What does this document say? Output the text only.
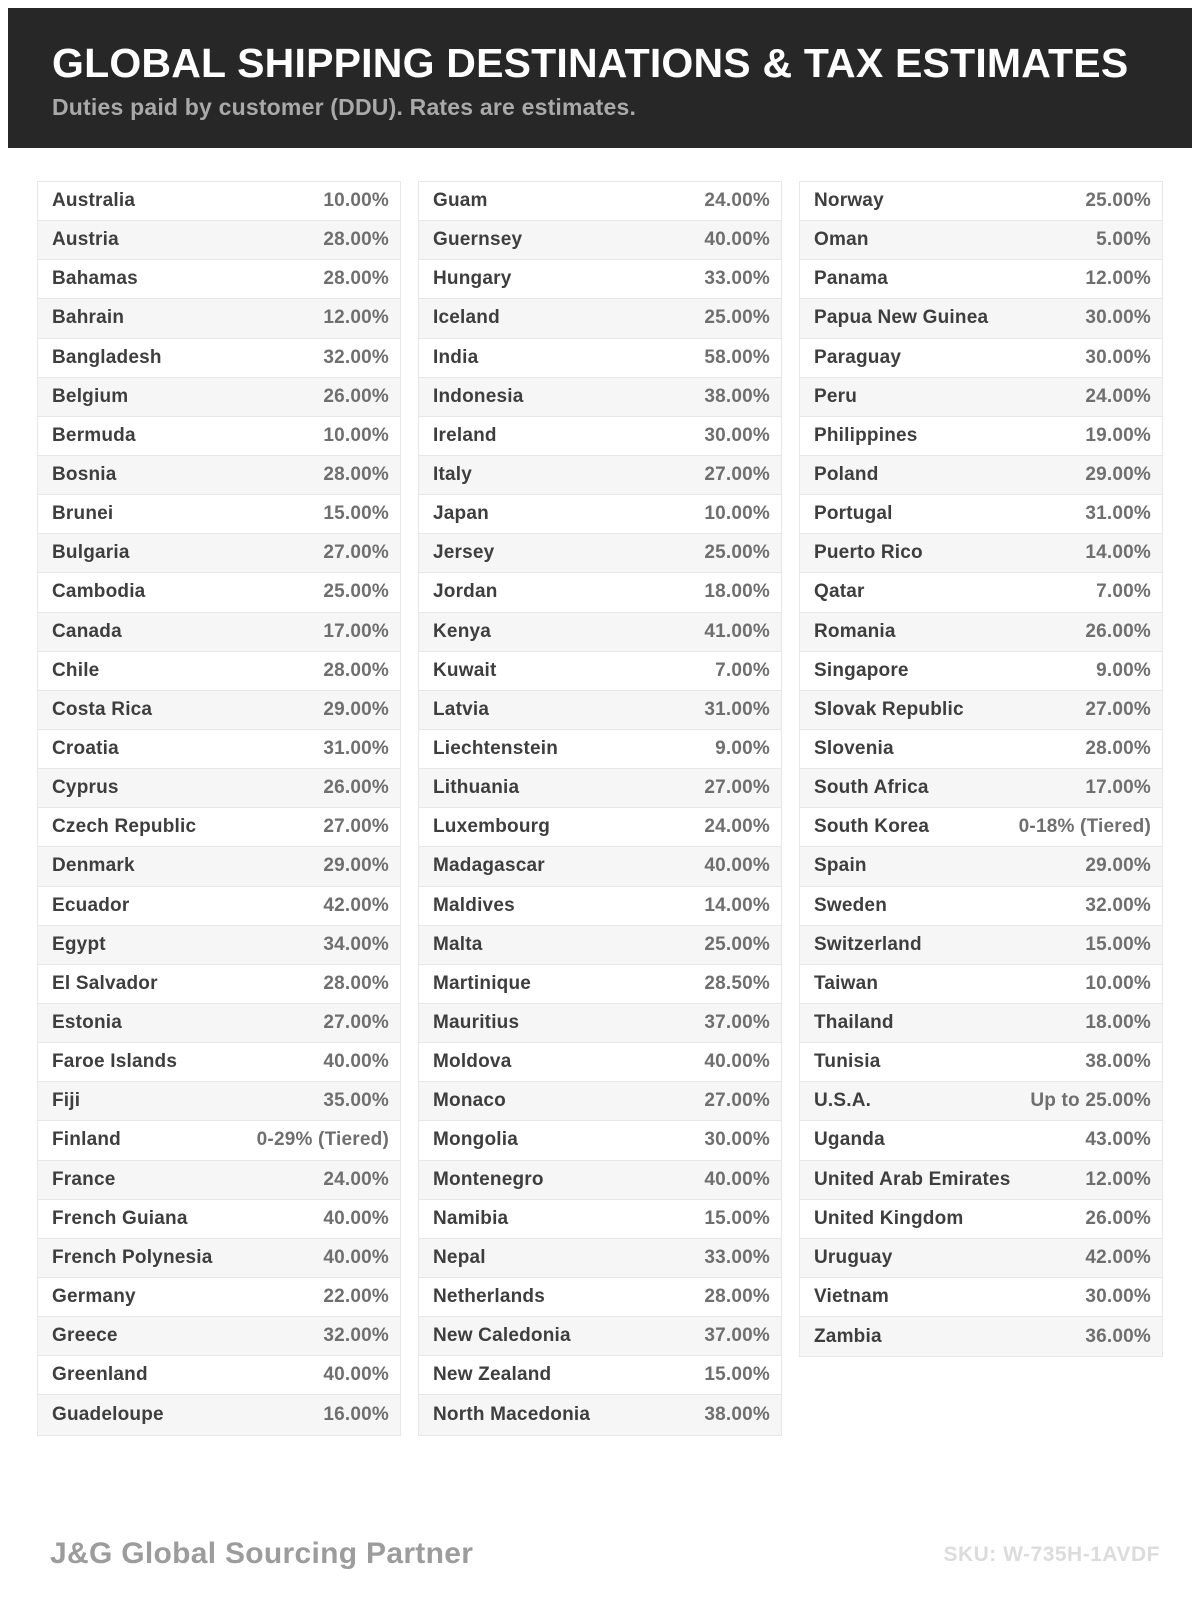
GLOBAL SHIPPING DESTINATIONS & TAX ESTIMATES
Duties paid by customer (DDU). Rates are estimates.
Australia	10.00%
Austria	28.00%
Bahamas	28.00%
Bahrain	12.00%
Bangladesh	32.00%
Belgium	26.00%
Bermuda	10.00%
Bosnia	28.00%
Brunei	15.00%
Bulgaria	27.00%
Cambodia	25.00%
Canada	17.00%
Chile	28.00%
Costa Rica	29.00%
Croatia	31.00%
Cyprus	26.00%
Czech Republic	27.00%
Denmark	29.00%
Ecuador	42.00%
Egypt	34.00%
El Salvador	28.00%
Estonia	27.00%
Faroe Islands	40.00%
Fiji	35.00%
Finland	0-29% (Tiered)
France	24.00%
French Guiana	40.00%
French Polynesia	40.00%
Germany	22.00%
Greece	32.00%
Greenland	40.00%
Guadeloupe	16.00%
Guam	24.00%
Guernsey	40.00%
Hungary	33.00%
Iceland	25.00%
India	58.00%
Indonesia	38.00%
Ireland	30.00%
Italy	27.00%
Japan	10.00%
Jersey	25.00%
Jordan	18.00%
Kenya	41.00%
Kuwait	7.00%
Latvia	31.00%
Liechtenstein	9.00%
Lithuania	27.00%
Luxembourg	24.00%
Madagascar	40.00%
Maldives	14.00%
Malta	25.00%
Martinique	28.50%
Mauritius	37.00%
Moldova	40.00%
Monaco	27.00%
Mongolia	30.00%
Montenegro	40.00%
Namibia	15.00%
Nepal	33.00%
Netherlands	28.00%
New Caledonia	37.00%
New Zealand	15.00%
North Macedonia	38.00%
Norway	25.00%
Oman	5.00%
Panama	12.00%
Papua New Guinea	30.00%
Paraguay	30.00%
Peru	24.00%
Philippines	19.00%
Poland	29.00%
Portugal	31.00%
Puerto Rico	14.00%
Qatar	7.00%
Romania	26.00%
Singapore	9.00%
Slovak Republic	27.00%
Slovenia	28.00%
South Africa	17.00%
South Korea	0-18% (Tiered)
Spain	29.00%
Sweden	32.00%
Switzerland	15.00%
Taiwan	10.00%
Thailand	18.00%
Tunisia	38.00%
U.S.A.	Up to 25.00%
Uganda	43.00%
United Arab Emirates	12.00%
United Kingdom	26.00%
Uruguay	42.00%
Vietnam	30.00%
Zambia	36.00%
J&G Global Sourcing Partner	SKU: W-735H-1AVDF
